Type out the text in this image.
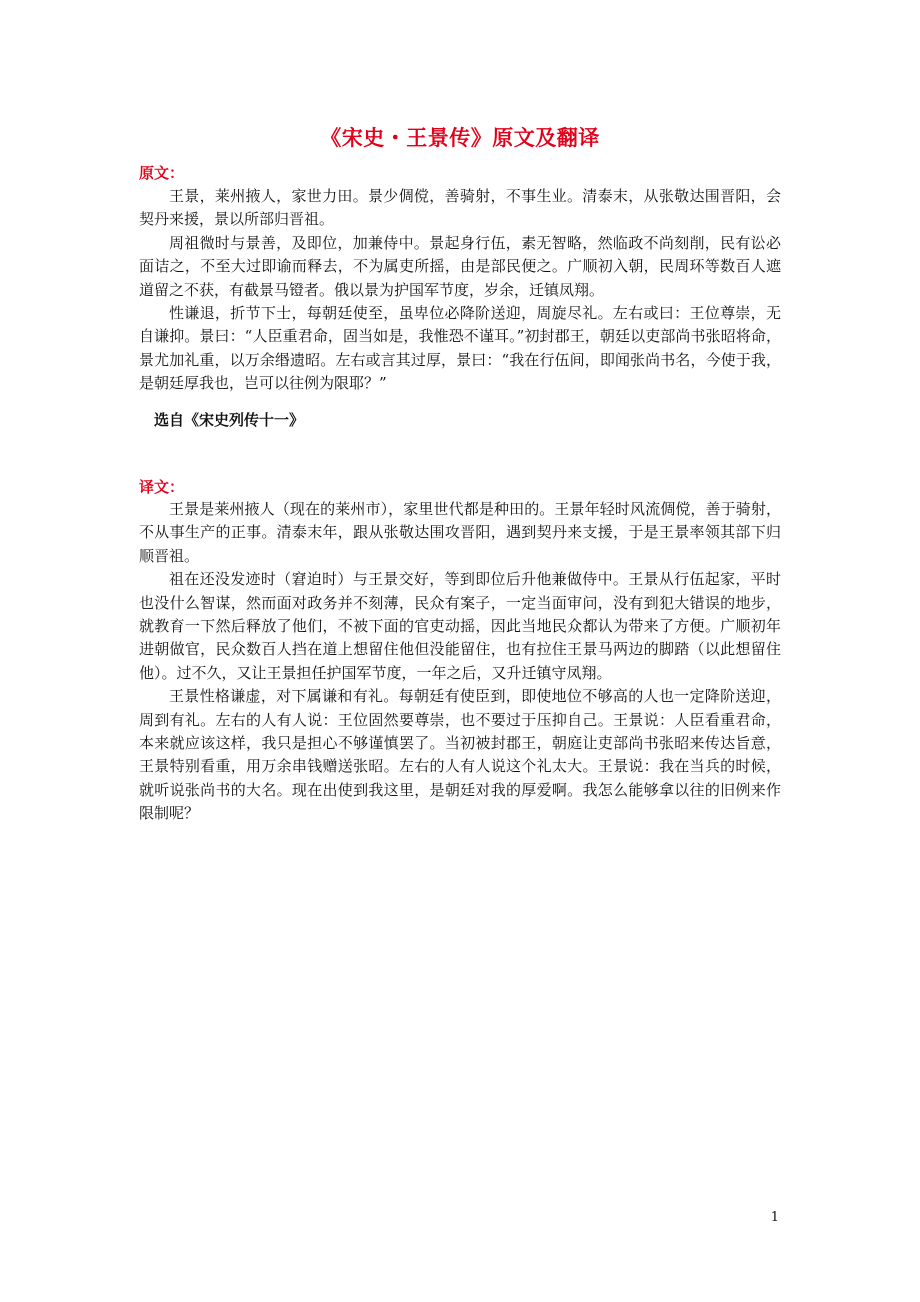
《宋史・王景传》原文及翻译
原文：

王景，莱州掖人，家世力田。景少倜傥，善骑射，不事生业。清泰末，从张敬达围晋阳，会契丹来援，景以所部归晋祖。

周祖微时与景善，及即位，加兼侍中。景起身行伍，素无智略，然临政不尚刻削，民有讼必面诘之，不至大过即谕而释去，不为属吏所摇，由是部民便之。广顺初入朝，民周环等数百人遮道留之不获，有截景马镫者。俄以景为护国军节度，岁余，迁镇凤翔。

性谦退，折节下士，每朝廷使至，虽卑位必降阶送迎，周旋尽礼。左右或曰：王位尊崇，无自谦抑。景曰：“人臣重君命，固当如是，我惟恐不谨耳。”初封郡王，朝廷以吏部尚书张昭将命，景尤加礼重，以万余缗遗昭。左右或言其过厚，景曰：“我在行伍间，即闻张尚书名，今使于我，是朝廷厚我也，岂可以往例为限耶？”

选自《宋史列传十一》
译文：

王景是莱州掖人（现在的莱州市），家里世代都是种田的。王景年轻时风流倜傥，善于骑射，不从事生产的正事。清泰末年，跟从张敬达围攻晋阳，遇到契丹来支援，于是王景率领其部下归顺晋祖。

祖在还没发迹时（窘迫时）与王景交好，等到即位后升他兼做侍中。王景从行伍起家，平时也没什么智谋，然而面对政务并不刻薄，民众有案子，一定当面审问，没有到犯大错误的地步，就教育一下然后释放了他们，不被下面的官吏动摇，因此当地民众都认为带来了方便。广顺初年进朝做官，民众数百人挡在道上想留住他但没能留住，也有拉住王景马两边的脚踏（以此想留住他）。过不久，又让王景担任护国军节度，一年之后，又升迁镇守凤翔。

王景性格谦虚，对下属谦和有礼。每朝廷有使臣到，即使地位不够高的人也一定降阶送迎，周到有礼。左右的人有人说：王位固然要尊崇，也不要过于压抑自己。王景说：人臣看重君命，本来就应该这样，我只是担心不够谨慎罢了。当初被封郡王，朝庭让吏部尚书张昭来传达旨意，王景特别看重，用万余串钱赠送张昭。左右的人有人说这个礼太大。王景说：我在当兵的时候，就听说张尚书的大名。现在出使到我这里，是朝廷对我的厚爱啊。我怎么能够拿以往的旧例来作限制呢？

1
